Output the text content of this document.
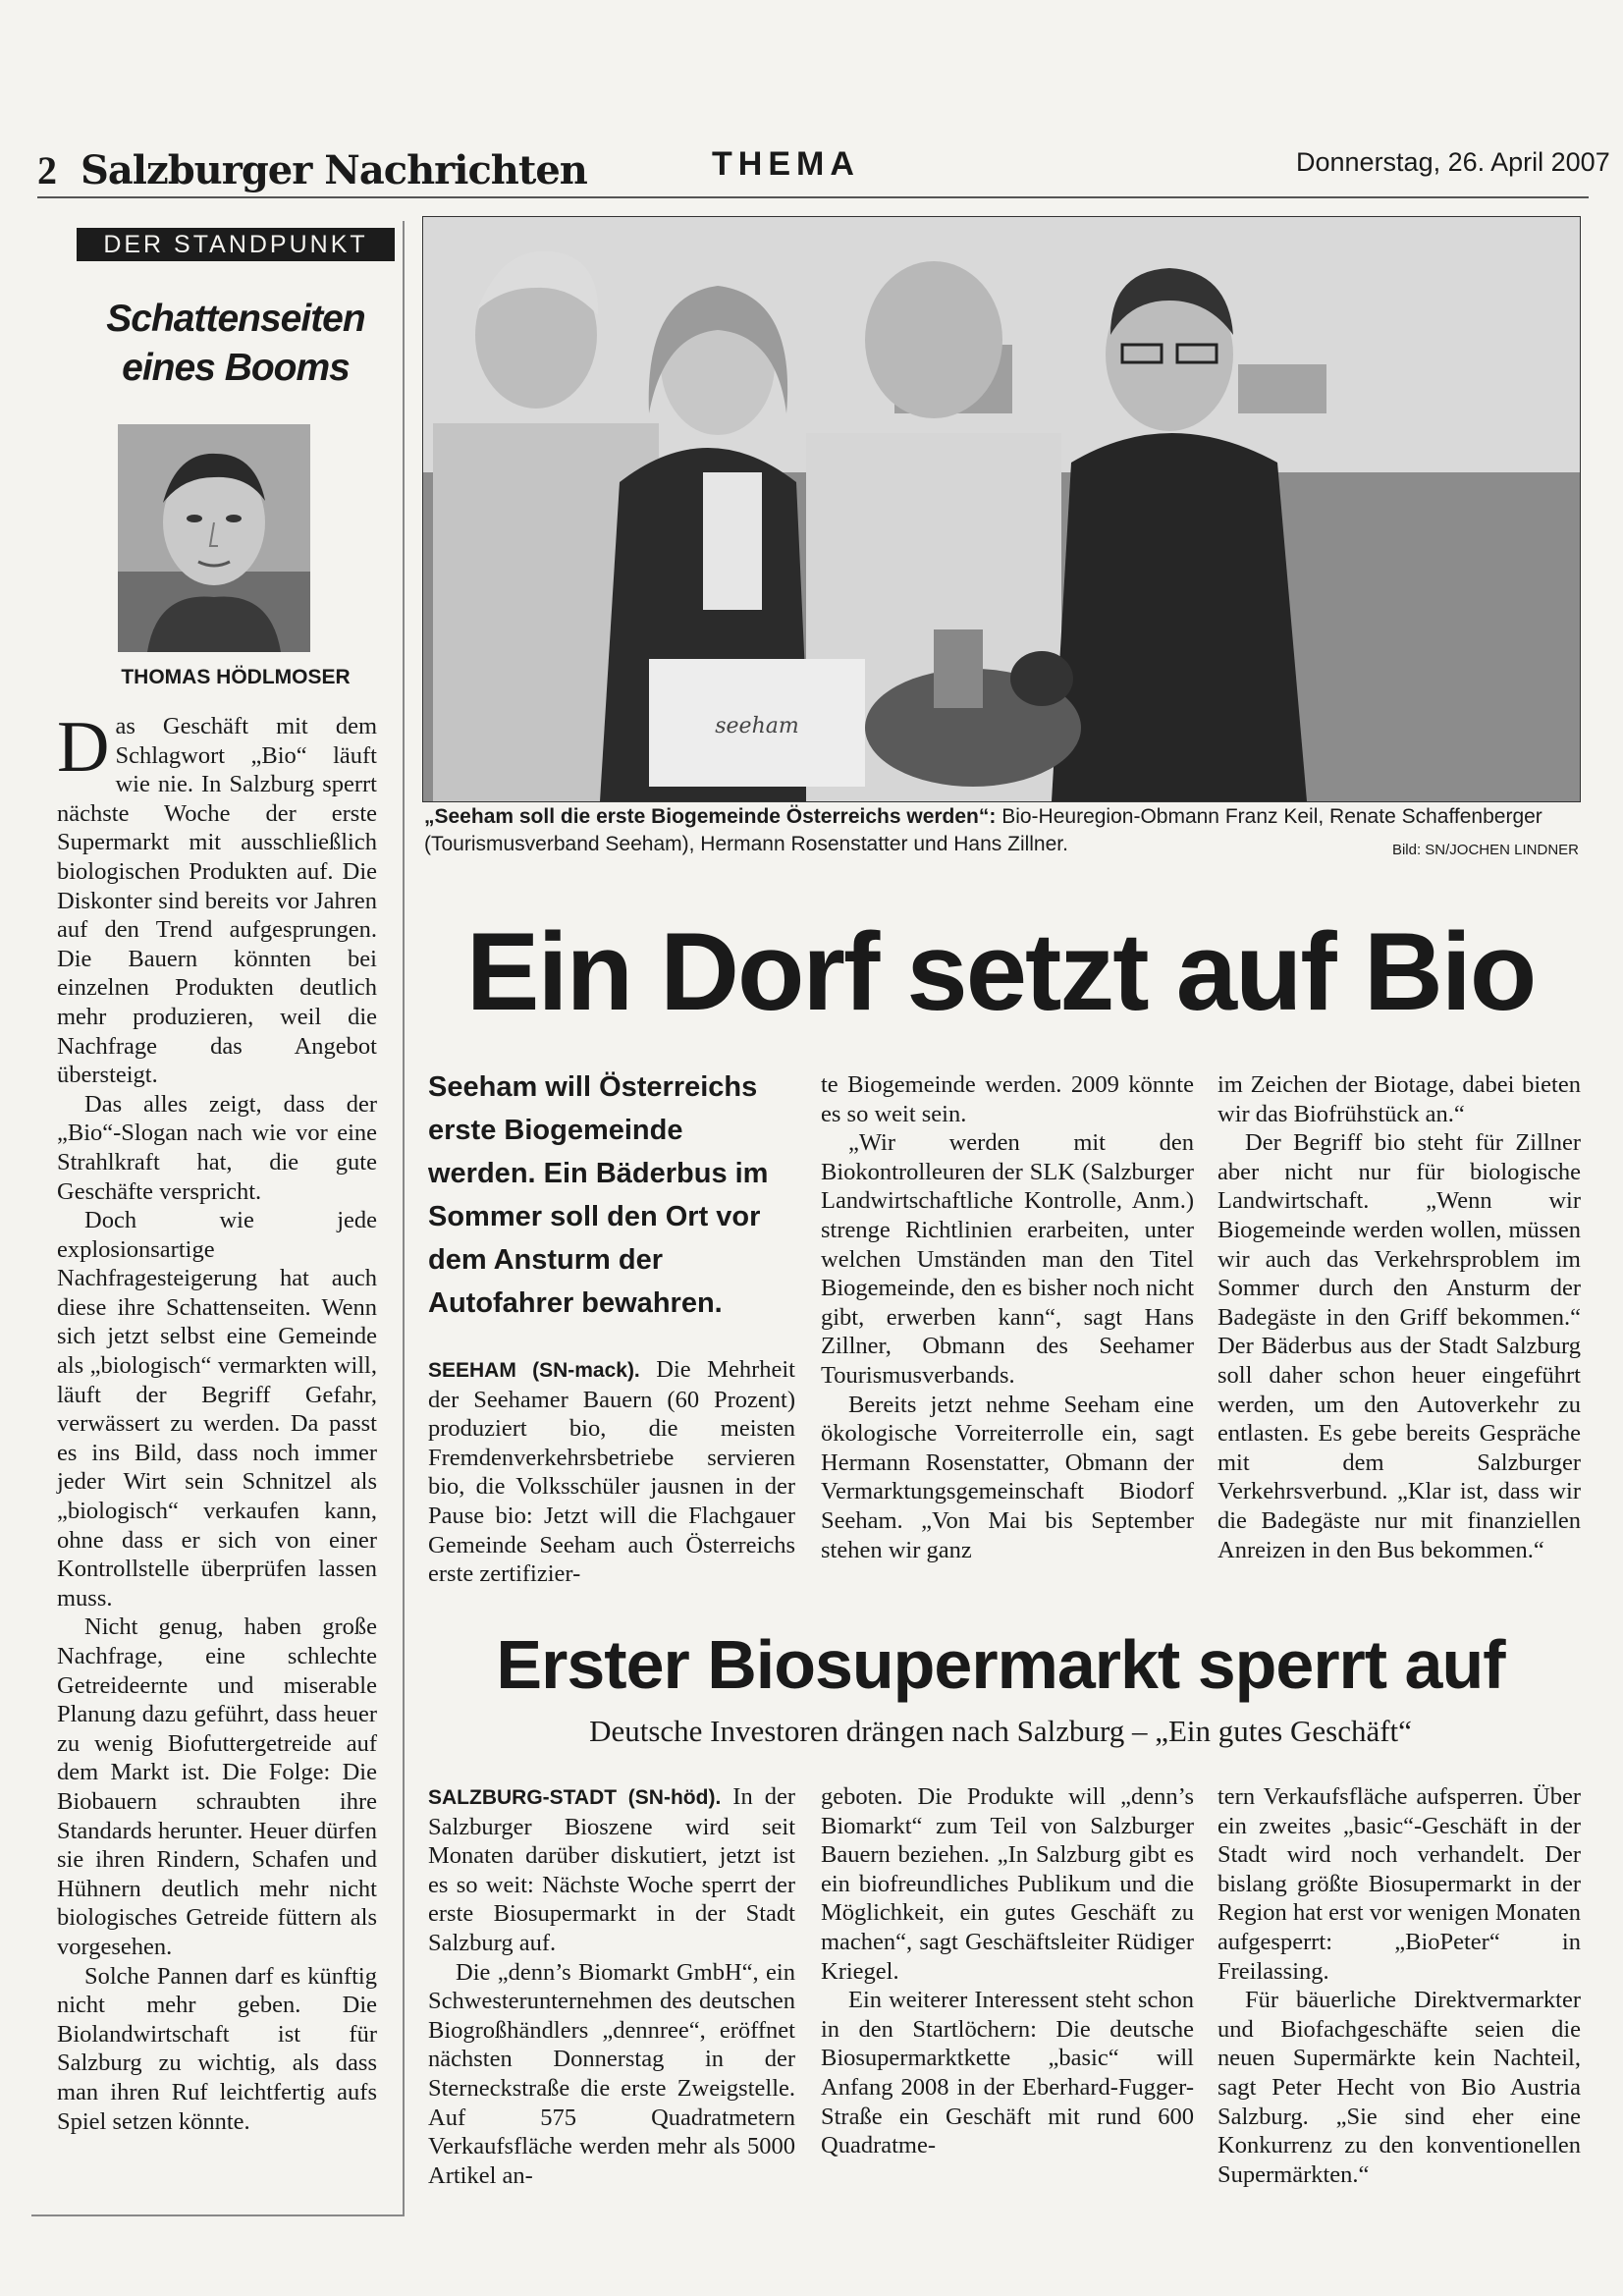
2 Salzburger Nachrichten	THEMA	Donnerstag, 26. April 2007
DER STANDPUNKT
Schattenseiten
eines Booms
THOMAS HÖDLMOSER

Das Geschäft mit dem Schlagwort „Bio“ läuft wie nie. In Salzburg sperrt nächste Woche der erste Supermarkt mit ausschließlich biologischen Produkten auf. Die Diskonter sind bereits vor Jahren auf den Trend aufgesprungen. Die Bauern könnten bei einzelnen Produkten deutlich mehr produzieren, weil die Nachfrage das Angebot übersteigt.

Das alles zeigt, dass der „Bio“-Slogan nach wie vor eine Strahlkraft hat, die gute Geschäfte verspricht.

Doch wie jede explosionsartige Nachfragesteigerung hat auch diese ihre Schattenseiten. Wenn sich jetzt selbst eine Gemeinde als „biologisch“ vermarkten will, läuft der Begriff Gefahr, verwässert zu werden. Da passt es ins Bild, dass noch immer jeder Wirt sein Schnitzel als „biologisch“ verkaufen kann, ohne dass er sich von einer Kontrollstelle überprüfen lassen muss.

Nicht genug, haben große Nachfrage, eine schlechte Getreideernte und miserable Planung dazu geführt, dass heuer zu wenig Biofuttergetreide auf dem Markt ist. Die Folge: Die Biobauern schraubten ihre Standards herunter. Heuer dürfen sie ihren Rindern, Schafen und Hühnern deutlich mehr nicht biologisches Getreide füttern als vorgesehen.

Solche Pannen darf es künftig nicht mehr geben. Die Biolandwirtschaft ist für Salzburg zu wichtig, als dass man ihren Ruf leichtfertig aufs Spiel setzen könnte.

seeham
„Seeham soll die erste Biogemeinde Österreichs werden“: Bio-Heuregion-Obmann Franz Keil, Renate Schaffenberger (Tourismusverband Seeham), Hermann Rosenstatter und Hans Zillner.	Bild: SN/JOCHEN LINDNER
Ein Dorf setzt auf Bio
Seeham will Österreichs erste Biogemeinde werden. Ein Bäderbus im Sommer soll den Ort vor dem Ansturm der Autofahrer bewahren.

SEEHAM (SN-mack). Die Mehrheit der Seehamer Bauern (60 Prozent) produziert bio, die meisten Fremdenverkehrsbetriebe servieren bio, die Volksschüler jausnen in der Pause bio: Jetzt will die Flachgauer Gemeinde Seeham auch Österreichs erste zertifizier-

te Biogemeinde werden. 2009 könnte es so weit sein.

„Wir werden mit den Biokontrolleuren der SLK (Salzburger Landwirtschaftliche Kontrolle, Anm.) strenge Richtlinien erarbeiten, unter welchen Umständen man den Titel Biogemeinde, den es bisher noch nicht gibt, erwerben kann“, sagt Hans Zillner, Obmann des Seehamer Tourismusverbands.

Bereits jetzt nehme Seeham eine ökologische Vorreiterrolle ein, sagt Hermann Rosenstatter, Obmann der Vermarktungsgemeinschaft Biodorf Seeham. „Von Mai bis September stehen wir ganz

im Zeichen der Biotage, dabei bieten wir das Biofrühstück an.“

Der Begriff bio steht für Zillner aber nicht nur für biologische Landwirtschaft. „Wenn wir Biogemeinde werden wollen, müssen wir auch das Verkehrsproblem im Sommer durch den Ansturm der Badegäste in den Griff bekommen.“ Der Bäderbus aus der Stadt Salzburg soll daher schon heuer eingeführt werden, um den Autoverkehr zu entlasten. Es gebe bereits Gespräche mit dem Salzburger Verkehrsverbund. „Klar ist, dass wir die Badegäste nur mit finanziellen Anreizen in den Bus bekommen.“

Erster Biosupermarkt sperrt auf
Deutsche Investoren drängen nach Salzburg – „Ein gutes Geschäft“

SALZBURG-STADT (SN-höd). In der Salzburger Bioszene wird seit Monaten darüber diskutiert, jetzt ist es so weit: Nächste Woche sperrt der erste Biosupermarkt in der Stadt Salzburg auf.

Die „denn’s Biomarkt GmbH“, ein Schwesterunternehmen des deutschen Biogroßhändlers „dennree“, eröffnet nächsten Donnerstag in der Sterneckstraße die erste Zweigstelle. Auf 575 Quadratmetern Verkaufsfläche werden mehr als 5000 Artikel an-

geboten. Die Produkte will „denn’s Biomarkt“ zum Teil von Salzburger Bauern beziehen. „In Salzburg gibt es ein biofreundliches Publikum und die Möglichkeit, ein gutes Geschäft zu machen“, sagt Geschäftsleiter Rüdiger Kriegel.

Ein weiterer Interessent steht schon in den Startlöchern: Die deutsche Biosupermarktkette „basic“ will Anfang 2008 in der Eberhard-Fugger-Straße ein Geschäft mit rund 600 Quadratme-

tern Verkaufsfläche aufsperren. Über ein zweites „basic“-Geschäft in der Stadt wird noch verhandelt. Der bislang größte Biosupermarkt in der Region hat erst vor wenigen Monaten aufgesperrt: „BioPeter“ in Freilassing.

Für bäuerliche Direktvermarkter und Biofachgeschäfte seien die neuen Supermärkte kein Nachteil, sagt Peter Hecht von Bio Austria Salzburg. „Sie sind eher eine Konkurrenz zu den konventionellen Supermärkten.“
